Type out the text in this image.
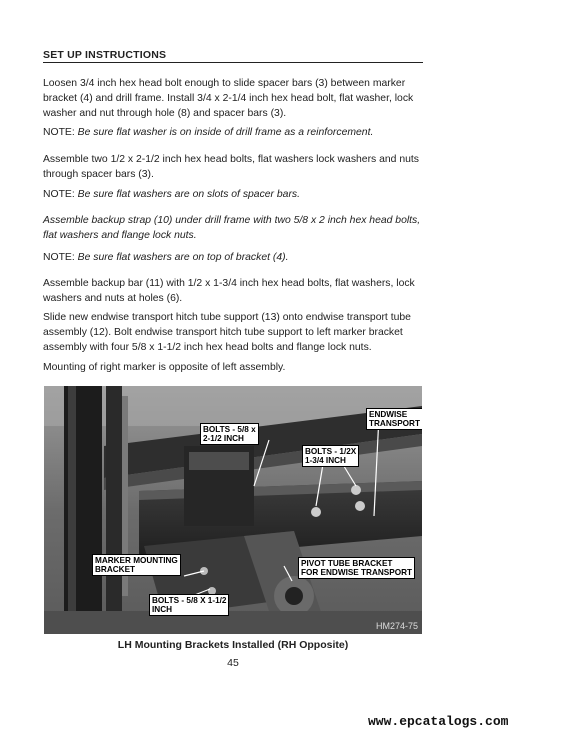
SET UP INSTRUCTIONS

Loosen 3/4 inch hex head bolt enough to slide spacer bars (3) between marker bracket (4) and drill frame. Install 3/4 x 2-1/4 inch hex head bolt, flat washer, lock washer and nut through hole (8) and spacer bars (3).

NOTE: Be sure flat washer is on inside of drill frame as a reinforcement.

Assemble two 1/2 x 2-1/2 inch hex head bolts, flat washers lock washers and nuts through spacer bars (3).

NOTE: Be sure flat washers are on slots of spacer bars.

Assemble backup strap (10) under drill frame with two 5/8 x 2 inch hex head bolts, flat washers and flange lock nuts.

NOTE: Be sure flat washers are on top of bracket (4).

Assemble backup bar (11) with 1/2 x 1-3/4 inch hex head bolts, flat washers, lock washers and nuts at holes (6).

Slide new endwise transport hitch tube support (13) onto endwise transport tube assembly (12). Bolt endwise transport hitch tube support to left marker bracket assembly with four 5/8 x 1-1/2 inch hex head bolts and flange lock nuts.

Mounting of right marker is opposite of left assembly.

ENDWISE
TRANSPORT
BOLTS - 5/8 x
2-1/2 INCH
BOLTS - 1/2X
1-3/4 INCH
MARKER MOUNTING
BRACKET
PIVOT TUBE BRACKET
FOR ENDWISE TRANSPORT
BOLTS - 5/8 X 1-1/2
INCH
HM274-75
LH Mounting Brackets Installed (RH Opposite)
45
www.epcatalogs.com
